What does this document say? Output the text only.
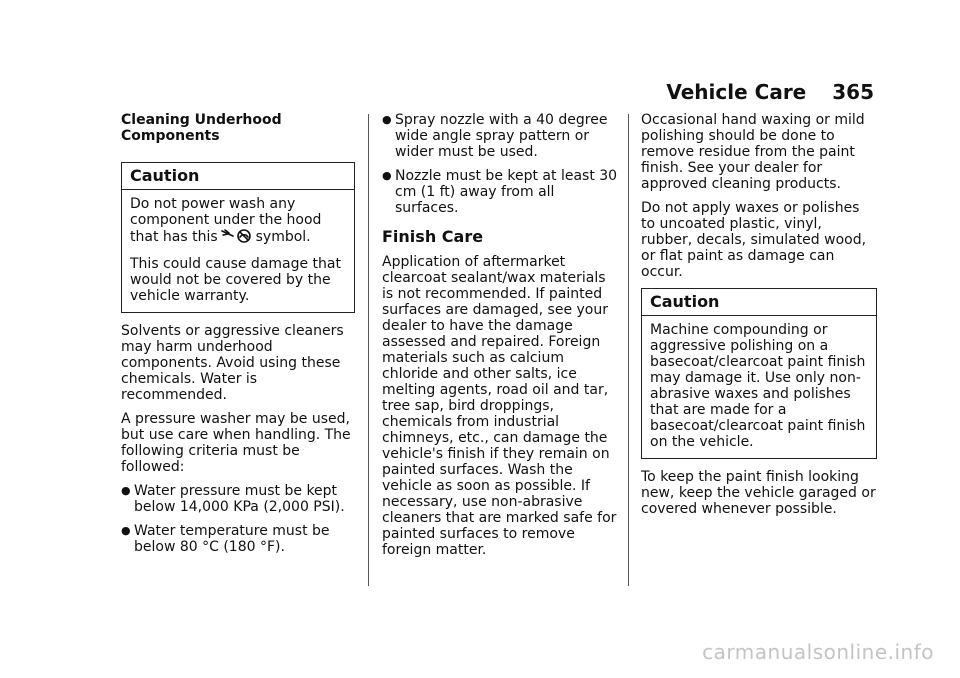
Vehicle Care 365
Cleaning Underhood Components
Caution

Do not power wash any component under the hood that has this	symbol.

This could cause damage that would not be covered by the vehicle warranty.

Solvents or aggressive cleaners may harm underhood components. Avoid using these chemicals. Water is recommended.

A pressure washer may be used, but use care when handling. The following criteria must be followed:

● Water pressure must be kept below 14,000 KPa (2,000 PSI).
● Water temperature must be below 80 °C (180 °F).
● Spray nozzle with a 40 degree wide angle spray pattern or wider must be used.
● Nozzle must be kept at least 30 cm (1 ft) away from all surfaces.
Finish Care

Application of aftermarket clearcoat sealant/wax materials is not recommended. If painted surfaces are damaged, see your dealer to have the damage assessed and repaired. Foreign materials such as calcium chloride and other salts, ice melting agents, road oil and tar, tree sap, bird droppings, chemicals from industrial chimneys, etc., can damage the vehicle's finish if they remain on painted surfaces. Wash the vehicle as soon as possible. If necessary, use non-abrasive cleaners that are marked safe for painted surfaces to remove foreign matter.

Occasional hand waxing or mild polishing should be done to remove residue from the paint finish. See your dealer for approved cleaning products.

Do not apply waxes or polishes to uncoated plastic, vinyl, rubber, decals, simulated wood, or flat paint as damage can occur.

Caution

Machine compounding or aggressive polishing on a basecoat/clearcoat paint finish may damage it. Use only non-abrasive waxes and polishes that are made for a basecoat/clearcoat paint finish on the vehicle.

To keep the paint finish looking new, keep the vehicle garaged or covered whenever possible.

carmanualsonline.info
